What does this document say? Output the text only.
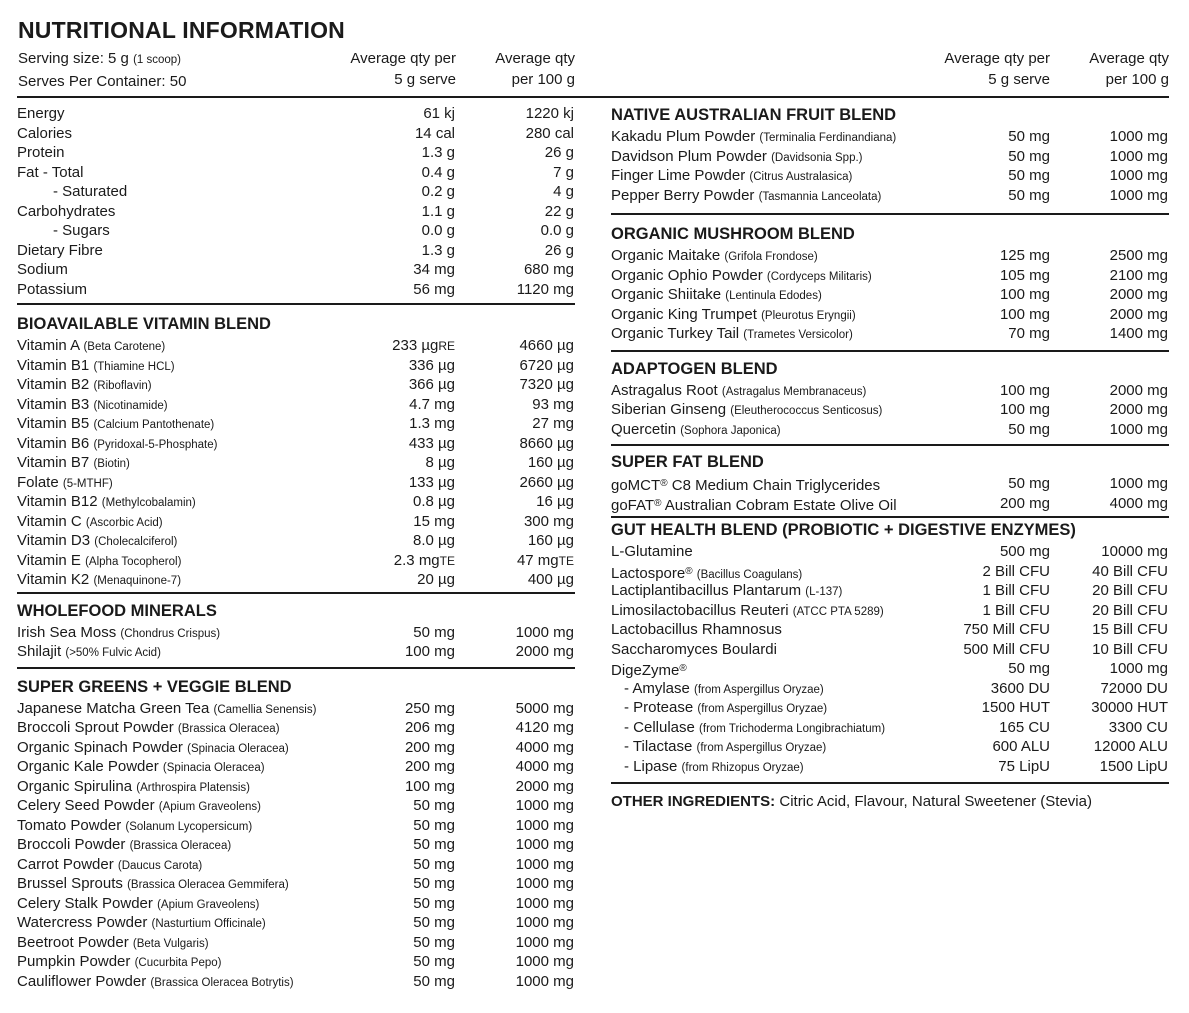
NUTRITIONAL INFORMATION
Serving size: 5 g (1 scoop)
Serves Per Container: 50
Average qty per
5 g serve
Average qty
per 100 g
Average qty per
5 g serve
Average qty
per 100 g
Energy	61 kj	1220 kj
Calories	14 cal	280 cal
Protein	1.3 g	26 g
Fat - Total	0.4 g	7 g
- Saturated	0.2 g	4 g
Carbohydrates	1.1 g	22 g
- Sugars	0.0 g	0.0 g
Dietary Fibre	1.3 g	26 g
Sodium	34 mg	680 mg
Potassium	56 mg	1120 mg
BIOAVAILABLE VITAMIN BLEND
Vitamin A (Beta Carotene)	233 µgRE	4660 µg
Vitamin B1 (Thiamine HCL)	336 µg	6720 µg
Vitamin B2 (Riboflavin)	366 µg	7320 µg
Vitamin B3 (Nicotinamide)	4.7 mg	93 mg
Vitamin B5 (Calcium Pantothenate)	1.3 mg	27 mg
Vitamin B6 (Pyridoxal-5-Phosphate)	433 µg	8660 µg
Vitamin B7 (Biotin)	8 µg	160 µg
Folate (5-MTHF)	133 µg	2660 µg
Vitamin B12 (Methylcobalamin)	0.8 µg	16 µg
Vitamin C (Ascorbic Acid)	15 mg	300 mg
Vitamin D3 (Cholecalciferol)	8.0 µg	160 µg
Vitamin E (Alpha Tocopherol)	2.3 mgTE	47 mgTE
Vitamin K2 (Menaquinone-7)	20 µg	400 µg
WHOLEFOOD MINERALS
Irish Sea Moss (Chondrus Crispus)	50 mg	1000 mg
Shilajit (>50% Fulvic Acid)	100 mg	2000 mg
SUPER GREENS + VEGGIE BLEND
Japanese Matcha Green Tea (Camellia Senensis)	250 mg	5000 mg
Broccoli Sprout Powder (Brassica Oleracea)	206 mg	4120 mg
Organic Spinach Powder (Spinacia Oleracea)	200 mg	4000 mg
Organic Kale Powder (Spinacia Oleracea)	200 mg	4000 mg
Organic Spirulina (Arthrospira Platensis)	100 mg	2000 mg
Celery Seed Powder (Apium Graveolens)	50 mg	1000 mg
Tomato Powder (Solanum Lycopersicum)	50 mg	1000 mg
Broccoli Powder (Brassica Oleracea)	50 mg	1000 mg
Carrot Powder (Daucus Carota)	50 mg	1000 mg
Brussel Sprouts (Brassica Oleracea Gemmifera)	50 mg	1000 mg
Celery Stalk Powder (Apium Graveolens)	50 mg	1000 mg
Watercress Powder (Nasturtium Officinale)	50 mg	1000 mg
Beetroot Powder (Beta Vulgaris)	50 mg	1000 mg
Pumpkin Powder (Cucurbita Pepo)	50 mg	1000 mg
Cauliflower Powder (Brassica Oleracea Botrytis)	50 mg	1000 mg
NATIVE AUSTRALIAN FRUIT BLEND
Kakadu Plum Powder (Terminalia Ferdinandiana)	50 mg	1000 mg
Davidson Plum Powder (Davidsonia Spp.)	50 mg	1000 mg
Finger Lime Powder (Citrus Australasica)	50 mg	1000 mg
Pepper Berry Powder (Tasmannia Lanceolata)	50 mg	1000 mg
ORGANIC MUSHROOM BLEND
Organic Maitake (Grifola Frondose)	125 mg	2500 mg
Organic Ophio Powder (Cordyceps Militaris)	105 mg	2100 mg
Organic Shiitake (Lentinula Edodes)	100 mg	2000 mg
Organic King Trumpet (Pleurotus Eryngii)	100 mg	2000 mg
Organic Turkey Tail (Trametes Versicolor)	70 mg	1400 mg
ADAPTOGEN BLEND
Astragalus Root (Astragalus Membranaceus)	100 mg	2000 mg
Siberian Ginseng (Eleutherococcus Senticosus)	100 mg	2000 mg
Quercetin (Sophora Japonica)	50 mg	1000 mg
SUPER FAT BLEND
goMCT® C8 Medium Chain Triglycerides	50 mg	1000 mg
goFAT® Australian Cobram Estate Olive Oil	200 mg	4000 mg
GUT HEALTH BLEND (PROBIOTIC + DIGESTIVE ENZYMES)
L-Glutamine	500 mg	10000 mg
Lactospore® (Bacillus Coagulans)	2 Bill CFU	40 Bill CFU
Lactiplantibacillus Plantarum (L-137)	1 Bill CFU	20 Bill CFU
Limosilactobacillus Reuteri (ATCC PTA 5289)	1 Bill CFU	20 Bill CFU
Lactobacillus Rhamnosus	750 Mill CFU	15 Bill CFU
Saccharomyces Boulardi	500 Mill CFU	10 Bill CFU
DigeZyme®	50 mg	1000 mg
- Amylase (from Aspergillus Oryzae)	3600 DU	72000 DU
- Protease (from Aspergillus Oryzae)	1500 HUT	30000 HUT
- Cellulase (from Trichoderma Longibrachiatum)	165 CU	3300 CU
- Tilactase (from Aspergillus Oryzae)	600 ALU	12000 ALU
- Lipase (from Rhizopus Oryzae)	75 LipU	1500 LipU
OTHER INGREDIENTS: Citric Acid, Flavour, Natural Sweetener (Stevia)
